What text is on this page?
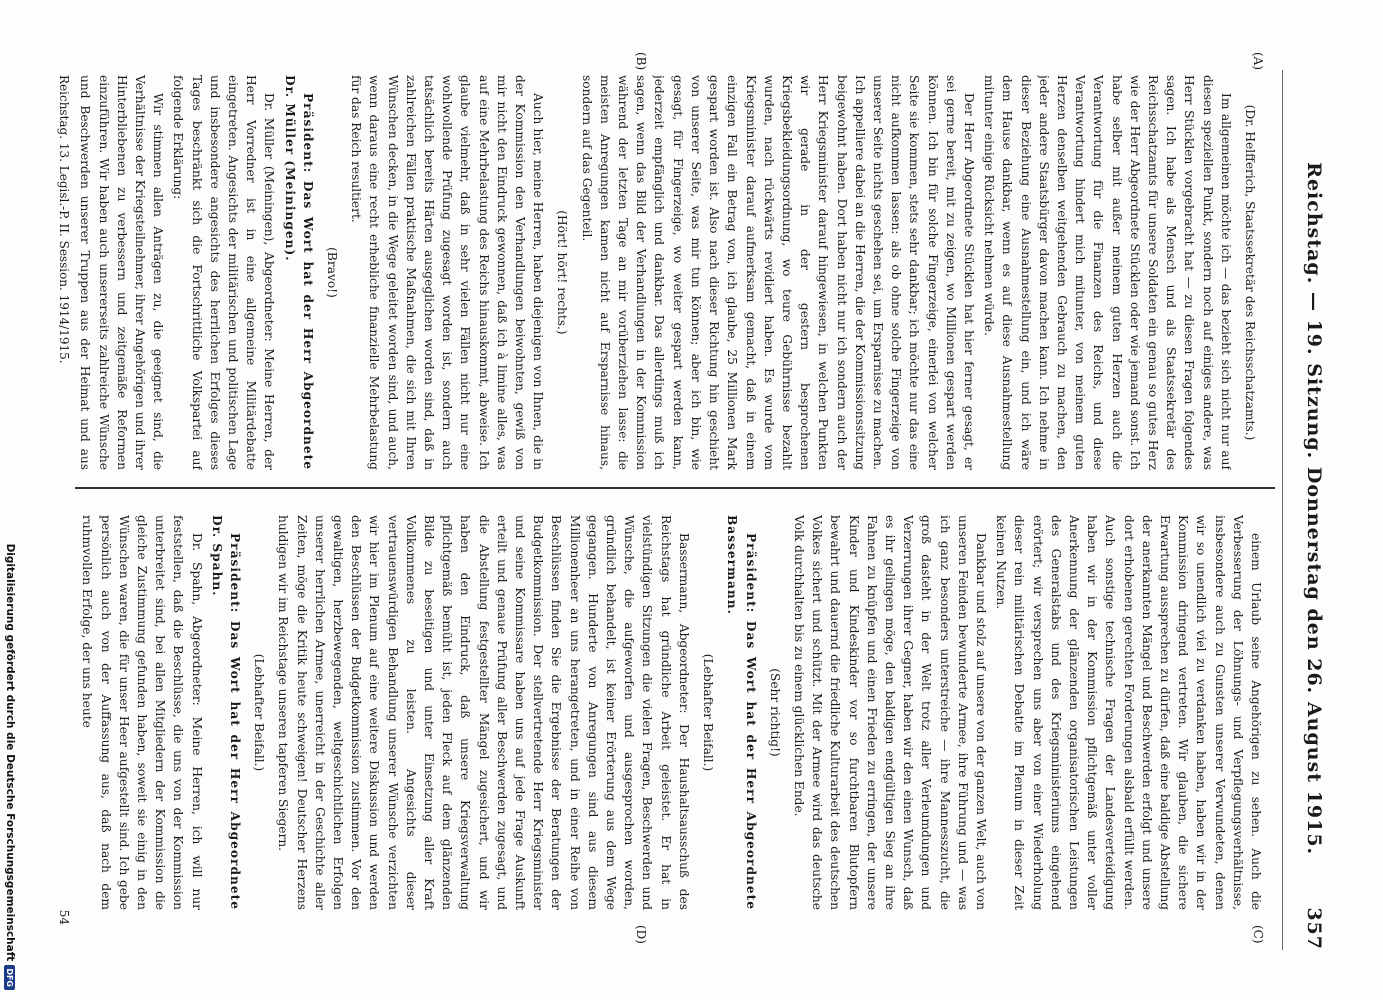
Reichstag. — 19. Sitzung. Donnerstag den 26. August 1915.
357
(A)
(B)
(C)
(D)
(Dr. Helfferich, Staatssekretär des Reichsschatzamts.)

Im allgemeinen möchte ich — das bezieht sich nicht nur auf diesen speziellen Punkt, sondern noch auf einiges andere, was Herr Stücklen vorgebracht hat — zu diesen Fragen folgendes sagen. Ich habe als Mensch und als Staatssekretär des Reichsschatzamts für unsere Soldaten ein genau so gutes Herz wie der Herr Abgeordnete Stücklen oder wie jemand sonst. Ich habe selber mit außer meinem guten Herzen auch die Verantwortung für die Finanzen des Reichs, und diese Verantwortung hindert mich mitunter, von meinem guten Herzen denselben weitgehenden Gebrauch zu machen, den jeder andere Staatsbürger davon machen kann. Ich nehme in dieser Beziehung eine Ausnahmestellung ein, und ich wäre dem Hause dankbar, wenn es auf diese Ausnahmestellung mitunter einige Rücksicht nehmen würde.

Der Herr Abgeordnete Stücklen hat hier ferner gesagt, er sei gerne bereit, mit zu zeigen, wo Millionen gespart werden können. Ich bin für solche Fingerzeige, einerlei von welcher Seite sie kommen, stets sehr dankbar; ich möchte nur das eine nicht aufkommen lassen: als ob ohne solche Fingerzeige von unserer Seite nichts geschehen sei, um Ersparnisse zu machen. Ich appelliere dabei an die Herren, die der Kommissionssitzung beigewohnt haben. Dort haben nicht nur ich sondern auch der Herr Kriegsminister darauf hingewiesen, in welchen Punkten wir gerade in der gestern besprochenen Kriegsbekleidungsordnung, wo teure Gebührnisse bezahlt wurden, nach rückwärts revidiert haben. Es wurde vom Kriegsminister darauf aufmerksam gemacht, daß in einem einzigen Fall ein Betrag von, ich glaube, 25 Millionen Mark gespart worden ist. Also nach dieser Richtung hin geschieht von unserer Seite, was mir tun können; aber ich bin, wie gesagt, für Fingerzeige, wo weiter gespart werden kann, jederzeit empfänglich und dankbar. Das allerdings muß ich sagen, wenn das Bild der Verhandlungen in der Kommission während der letzten Tage an mir vorüberziehen lasse: die meisten Anregungen kamen nicht auf Ersparnisse hinaus, sondern auf das Gegenteil.

(Hört! hört! rechts.)

Auch hier, meine Herren, haben diejenigen von Ihnen, die in der Kommission den Verhandlungen beiwohnten, gewiß von mir nicht den Eindruck gewonnen, daß ich à limine alles, was auf eine Mehrbelastung des Reichs hinauskommt, abweise. Ich glaube vielmehr, daß in sehr vielen Fällen nicht nur eine wohlwollende Prüfung zugesagt worden ist, sondern auch tatsächlich bereits Härten ausgeglichen worden sind, daß in zahlreichen Fällen praktische Maßnahmen, die sich mit Ihren Wünschen decken, in die Wege geleitet worden sind, und auch, wenn daraus eine recht erhebliche finanzielle Mehrbelastung für das Reich resultiert.

(Bravo!)

Präsident: Das Wort hat der Herr Abgeordnete Dr. Müller (Meiningen).

Dr. Müller (Meiningen), Abgeordneter: Meine Herren, der Herr Vorredner ist in eine allgemeine Militärdebatte eingetreten. Angesichts der militärischen und politischen Lage und insbesondere angesichts des herrlichen Erfolges dieses Tages beschränkt sich die Fortschrittliche Volkspartei auf folgende Erklärung:

Wir stimmen allen Anträgen zu, die geeignet sind, die Verhältnisse der Kriegsteilnehmer, ihrer Angehörigen und ihrer Hinterbliebenen zu verbessern und zeitgemäße Reformen einzuführen. Wir haben auch unsererseits zahlreiche Wünsche und Beschwerden unserer Truppen aus der Heimat und aus

einem Urlaub seine Angehörigen zu sehen. Auch die Verbesserung der Löhnungs- und Verpflegungsverhältnisse, insbesondere auch zu Gunsten unserer Verwundeten, denen wir so unendlich viel zu verdanken haben, haben wir in der Kommission dringend vertreten. Wir glauben, die sichere Erwartung aussprechen zu dürfen, daß eine baldige Abstellung der anerkannten Mängel und Beschwerden erfolgt und unsere dort erhobenen gerechten Forderungen alsbald erfüllt werden. Auch sonstige technische Fragen der Landesverteidigung haben wir in der Kommission pflichtgemäß unter voller Anerkennung der glänzenden organisatorischen Leistungen des Generalstabs und des Kriegsministeriums eingehend erörtert; wir versprechen uns aber von einer Wiederholung dieser rein militärischen Debatte im Plenum in dieser Zeit keinen Nutzen.

Dankbar und stolz auf unsere von der ganzen Welt, auch von unseren Feinden bewunderte Armee, ihre Führung und — was ich ganz besonders unterstreiche — ihre Mannesszucht, die groß dasteht in der Welt trotz aller Verleumdungen und Verzerrungen ihrer Gegner, haben wir den einen Wunsch, daß es ihr gelingen möge, den baldigen endgültigen Sieg an ihre Fahnen zu knüpfen und einen Frieden zu erringen, der unsere Kinder und Kindeskinder vor so furchtbaren Blutopfern bewahrt und dauernd die friedliche Kulturarbeit des deutschen Volkes sichert und schützt. Mit der Armee wird das deutsche Volk durchhalten bis zu einem glücklichen Ende.

(Sehr richtig!)

Präsident: Das Wort hat der Herr Abgeordnete Bassermann.

(Lebhafter Beifall.)

Bassermann, Abgeordneter: Der Haushaltsausschuß des Reichstags hat gründliche Arbeit geleistet. Er hat in vielstündigen Sitzungen die vielen Fragen, Beschwerden und Wünsche, die aufgeworfen und ausgesprochen worden, gründlich behandelt, ist keiner Erörterung aus dem Wege gegangen. Hunderte von Anregungen sind aus diesem Millionenheer an uns herangetreten, und in einer Reihe von Beschlüssen finden Sie die Ergebnisse der Beratungen der Budgetkommission. Der stellvertretende Herr Kriegsminister und seine Kommissare haben uns auf jede Frage Auskunft erteilt und genaue Prüfung aller Beschwerden zugesagt, und die Abstellung festgestellter Mängel zugesichert, und wir haben den Eindruck, daß unsere Kriegsverwaltung pflichtgemäß bemüht ist, jeden Fleck auf dem glänzenden Bilde zu beseitigen und unter Einsetzung aller Kraft Vollkommenes zu leisten. Angesichts dieser vertrauenswürdigen Behandlung unserer Wünsche verzichten wir hier im Plenum auf eine weitere Diskussion und werden den Beschlüssen der Budgetkommission zustimmen. Vor den gewaltigen, herzbewegenden, weltgeschichtlichen Erfolgen unserer herrlichen Armee, unerreicht in der Geschichte aller Zeiten, möge die Kritik heute schweigen! Deutscher Herzens huldigen wir im Reichstage unseren tapferen Siegern.

(Lebhafter Beifall.)

Präsident: Das Wort hat der Herr Abgeordnete Dr. Spahn.

Dr. Spahn, Abgeordneter: Meine Herren, ich will nur feststellen, daß die Beschlüsse, die uns von der Kommission unterbreitet sind, bei allen Mitgliedern der Kommission die gleiche Zustimmung gefunden haben, soweit sie einig in den Wünschen waren, die für unser Heer aufgestellt sind. Ich gebe persönlich auch von der Auffassung aus, daß nach dem ruhmvollen Erfolge, der uns heute

Reichstag. 13. Legisl.-P. II. Session. 1914/1915.
54
Digitalisierung gefördert durch die Deutsche Forschungsgemeinschaft
DFG
